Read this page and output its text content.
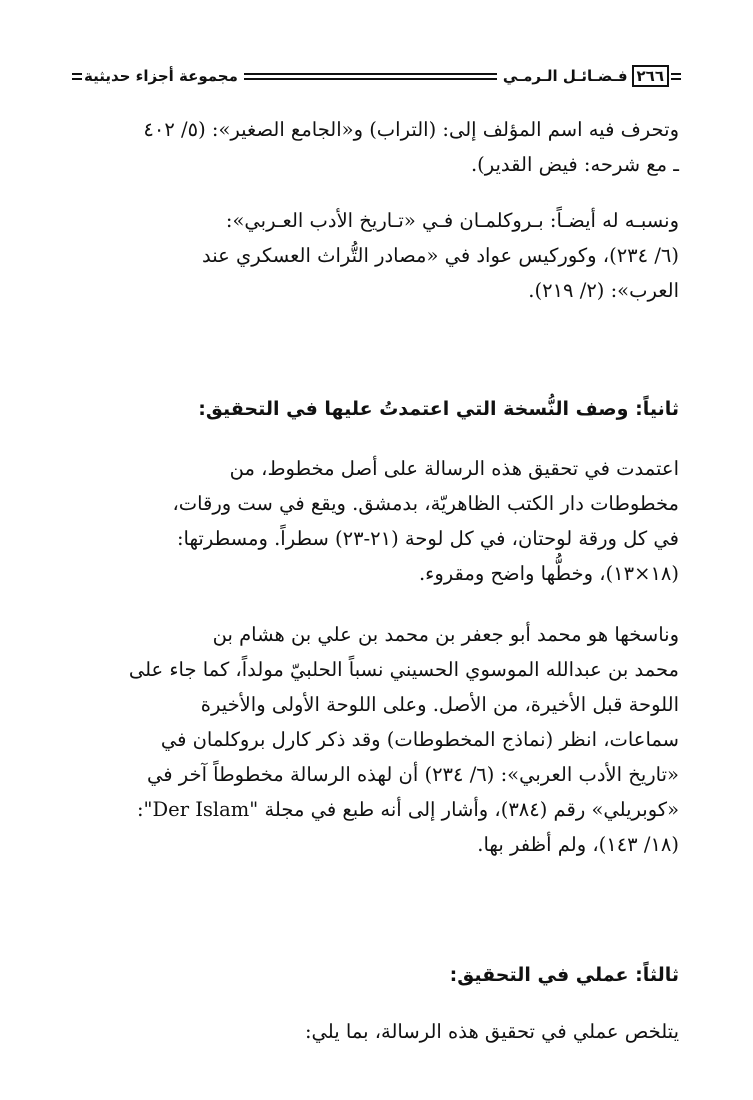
٢٦٦
فـضـائـل الـرمـي
مجموعة أجزاء حديثية
وتحرف فيه اسم المؤلف إلى: (التراب) و«الجامع الصغير»: (٥/ ٤٠٢
ـ مع شرحه: فيض القدير).
ونسبـه له أيضـاً: بـروكلمـان فـي «تـاريخ الأدب العـربي»:
(٦/ ٢٣٤)، وكوركيس عواد في «مصادر التُّراث العسكري عند
العرب»: (٢/ ٢١٩).
ثانياً: وصف النُّسخة التي اعتمدتُ عليها في التحقيق:
اعتمدت في تحقيق هذه الرسالة على أصل مخطوط، من
مخطوطات دار الكتب الظاهريّة، بدمشق. ويقع في ست ورقات،
في كل ورقة لوحتان، في كل لوحة (٢١-٢٣) سطراً. ومسطرتها:
(١٨×١٣)، وخطُّها واضح ومقروء.
وناسخها هو محمد أبو جعفر بن محمد بن علي بن هشام بن
محمد بن عبدالله الموسوي الحسيني نسباً الحلبيّ مولداً، كما جاء على
اللوحة قبل الأخيرة، من الأصل. وعلى اللوحة الأولى والأخيرة
سماعات، انظر (نماذج المخطوطات) وقد ذكر كارل بروكلمان في
«تاريخ الأدب العربي»: (٦/ ٢٣٤) أن لهذه الرسالة مخطوطاً آخر في
«كوبريلي» رقم (٣٨٤)، وأشار إلى أنه طبع في مجلة "Der Islam":
(١٨/ ١٤٣)، ولم أظفر بها.
ثالثاً: عملي في التحقيق:
يتلخص عملي في تحقيق هذه الرسالة، بما يلي:
